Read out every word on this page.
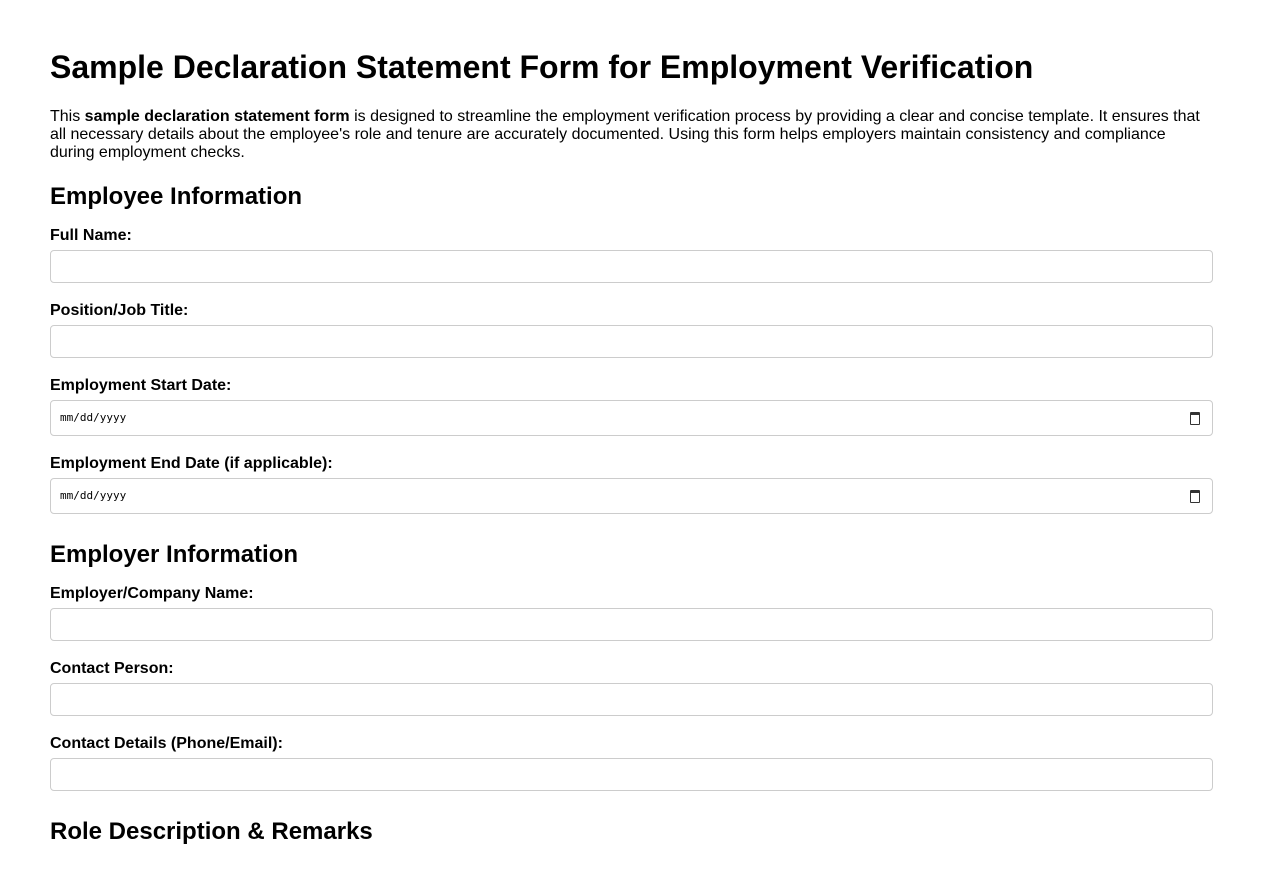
Sample Declaration Statement Form for Employment Verification

This sample declaration statement form is designed to streamline the employment verification process by providing a clear and concise template. It ensures that all necessary details about the employee's role and tenure are accurately documented. Using this form helps employers maintain consistency and compliance during employment checks.

Employee Information
Full Name:
Position/Job Title:
Employment Start Date:
mm/dd/yyyy
Employment End Date (if applicable):
mm/dd/yyyy
Employer Information
Employer/Company Name:
Contact Person:
Contact Details (Phone/Email):
Role Description & Remarks
